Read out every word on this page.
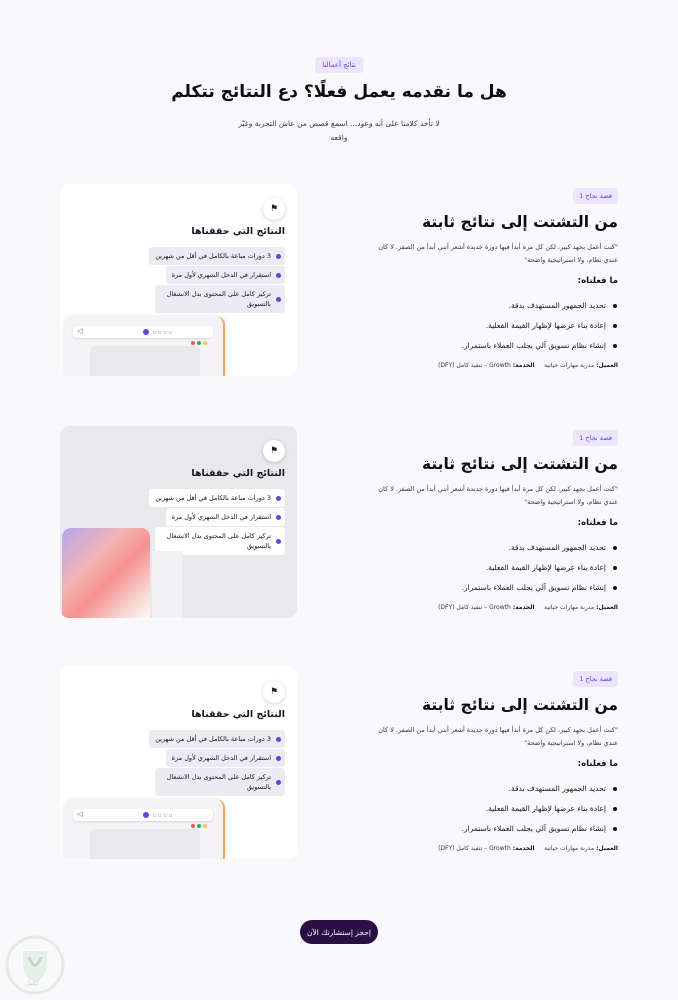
نتائج أعمالنا
هل ما نقدمه يعمل فعلًا؟ دع النتائج تتكلم

لا تأخذ كلامنا على أنه وعود... اسمع قصص من عاش التجربة وغيّر واقعه

قصة نجاح 1
من التشتت إلى نتائج ثابتة

"كنت أعمل بجهد كبير، لكن كل مرة أبدأ فيها دورة جديدة أشعر أنني أبدأ من الصفر. لا كان عندي نظام، ولا استراتيجية واضحة"

ما فعلناه:
تحديد الجمهور المستهدف بدقة.
إعادة بناء عرضها لإظهار القيمة الفعلية.
إنشاء نظام تسويق آلي يجلب العملاء باستمرار.

العميل: مدربة مهارات حياتية     الخدمة: Growth – تنفيذ كامل (DFY)

⚑
النتائج التي حققناها
3 دورات مباعة بالكامل في أقل من شهرين
استقرار في الدخل الشهري لأول مرة
تركيز كامل على المحتوى بدل الانشغال بالتسويق
◁	▫▫▫▫
قصة نجاح 1
من التشتت إلى نتائج ثابتة

"كنت أعمل بجهد كبير، لكن كل مرة أبدأ فيها دورة جديدة أشعر أنني أبدأ من الصفر. لا كان عندي نظام، ولا استراتيجية واضحة"

ما فعلناه:
تحديد الجمهور المستهدف بدقة.
إعادة بناء عرضها لإظهار القيمة الفعلية.
إنشاء نظام تسويق آلي يجلب العملاء باستمرار.

العميل: مدربة مهارات حياتية     الخدمة: Growth – تنفيذ كامل (DFY)

⚑
النتائج التي حققناها
3 دورات مباعة بالكامل في أقل من شهرين
استقرار في الدخل الشهري لأول مرة
تركيز كامل على المحتوى بدل الانشغال بالتسويق
قصة نجاح 1
من التشتت إلى نتائج ثابتة

"كنت أعمل بجهد كبير، لكن كل مرة أبدأ فيها دورة جديدة أشعر أنني أبدأ من الصفر. لا كان عندي نظام، ولا استراتيجية واضحة"

ما فعلناه:
تحديد الجمهور المستهدف بدقة.
إعادة بناء عرضها لإظهار القيمة الفعلية.
إنشاء نظام تسويق آلي يجلب العملاء باستمرار.

العميل: مدربة مهارات حياتية     الخدمة: Growth – تنفيذ كامل (DFY)

⚑
النتائج التي حققناها
3 دورات مباعة بالكامل في أقل من شهرين
استقرار في الدخل الشهري لأول مرة
تركيز كامل على المحتوى بدل الانشغال بالتسويق
◁	▫▫▫▫
إحجز إستشارتك الآن
كفيل
